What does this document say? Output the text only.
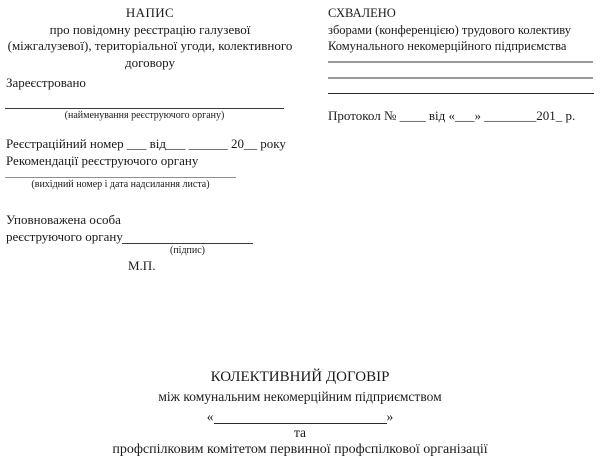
НАПИС
про повідомну реєстрацію галузевої
(міжгалузевої), територіальної угоди, колективного
договору
Зареєстровано
(найменування реєструючого органу)
Реєстраційний номер ___ від___ ______ 20__ року
Рекомендації реєструючого органу
(вихідний номер і дата надсилання листа)
Уповноважена особа
реєструючого органу
(підпис)
М.П.
СХВАЛЕНО
зборами (конференцією) трудового колективу
Комунального некомерційного підприємства
Протокол № ____ від «___» ________201_ р.
КОЛЕКТИВНИЙ ДОГОВІР
між комунальним некомерційним підприємством
«	»
та
профспілковим комітетом первинної профспілкової організації
